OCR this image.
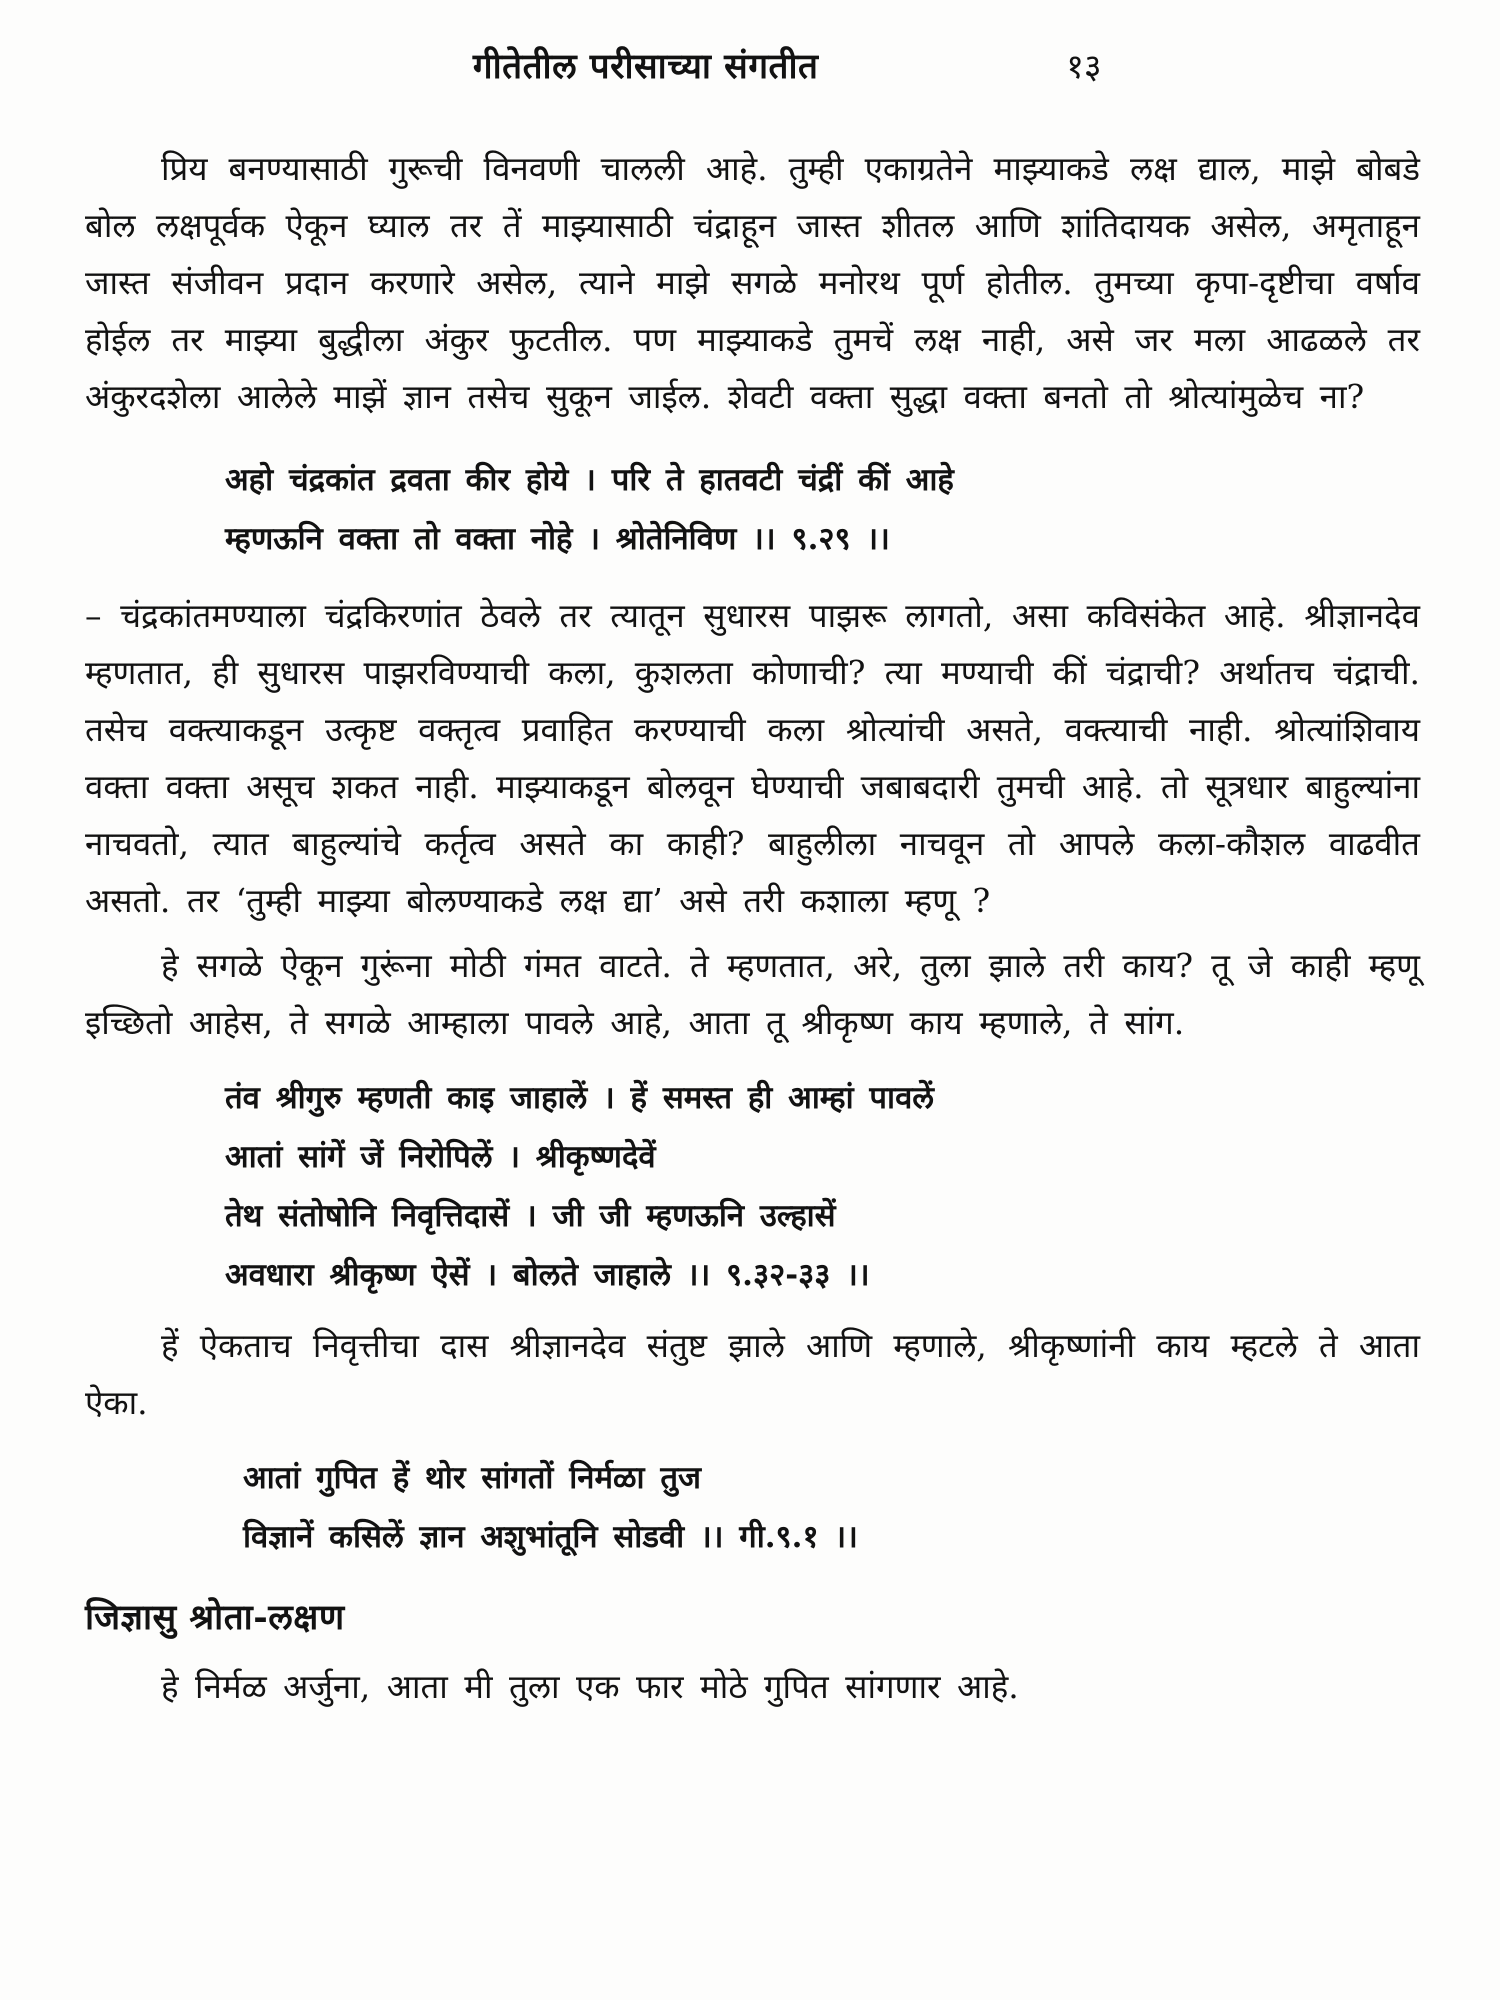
गीतेतील परीसाच्या संगतीत	१३

प्रिय बनण्यासाठी गुरूची विनवणी चालली आहे. तुम्ही एकाग्रतेने माझ्याकडे लक्ष द्याल, माझे बोबडे बोल लक्षपूर्वक ऐकून घ्याल तर तें माझ्यासाठी चंद्राहून जास्त शीतल आणि शांतिदायक असेल, अमृताहून जास्त संजीवन प्रदान करणारे असेल, त्याने माझे सगळे मनोरथ पूर्ण होतील. तुमच्या कृपा-दृष्टीचा वर्षाव होईल तर माझ्या बुद्धीला अंकुर फुटतील. पण माझ्याकडे तुमचें लक्ष नाही, असे जर मला आढळले तर अंकुरदशेला आलेले माझें ज्ञान तसेच सुकून जाईल. शेवटी वक्ता सुद्धा वक्ता बनतो तो श्रोत्यांमुळेच ना?

अहो चंद्रकांत द्रवता कीर होये । परि ते हातवटी चंद्रीं कीं आहे
म्हणऊनि वक्ता तो वक्ता नोहे । श्रोतेनिविण ।। ९.२९ ।।

– चंद्रकांतमण्याला चंद्रकिरणांत ठेवले तर त्यातून सुधारस पाझरू लागतो, असा कविसंकेत आहे. श्रीज्ञानदेव म्हणतात, ही सुधारस पाझरविण्याची कला, कुशलता कोणाची? त्या मण्याची कीं चंद्राची? अर्थातच चंद्राची. तसेच वक्त्याकडून उत्कृष्ट वक्तृत्व प्रवाहित करण्याची कला श्रोत्यांची असते, वक्त्याची नाही. श्रोत्यांशिवाय वक्ता वक्ता असूच शकत नाही. माझ्याकडून बोलवून घेण्याची जबाबदारी तुमची आहे. तो सूत्रधार बाहुल्यांना नाचवतो, त्यात बाहुल्यांचे कर्तृत्व असते का काही? बाहुलीला नाचवून तो आपले कला-कौशल वाढवीत असतो. तर ‘तुम्ही माझ्या बोलण्याकडे लक्ष द्या’ असे तरी कशाला म्हणू ?

हे सगळे ऐकून गुरूंना मोठी गंमत वाटते. ते म्हणतात, अरे, तुला झाले तरी काय? तू जे काही म्हणू इच्छितो आहेस, ते सगळे आम्हाला पावले आहे, आता तू श्रीकृष्ण काय म्हणाले, ते सांग.

तंव श्रीगुरु म्हणती काइ जाहालें । हें समस्त ही आम्हां पावलें
आतां सांगें जें निरोपिलें । श्रीकृष्णदेवें
तेथ संतोषोनि निवृत्तिदासें । जी जी म्हणऊनि उल्हासें
अवधारा श्रीकृष्ण ऐसें । बोलते जाहाले ।। ९.३२-३३ ।।

हें ऐकताच निवृत्तीचा दास श्रीज्ञानदेव संतुष्ट झाले आणि म्हणाले, श्रीकृष्णांनी काय म्हटले ते आता ऐका.

आतां गुपित हें थोर सांगतों निर्मळा तुज
विज्ञानें कसिलें ज्ञान अशुभांतूनि सोडवी ।। गी.९.१ ।।
जिज्ञासु श्रोता-लक्षण

हे निर्मळ अर्जुना, आता मी तुला एक फार मोठे गुपित सांगणार आहे.
